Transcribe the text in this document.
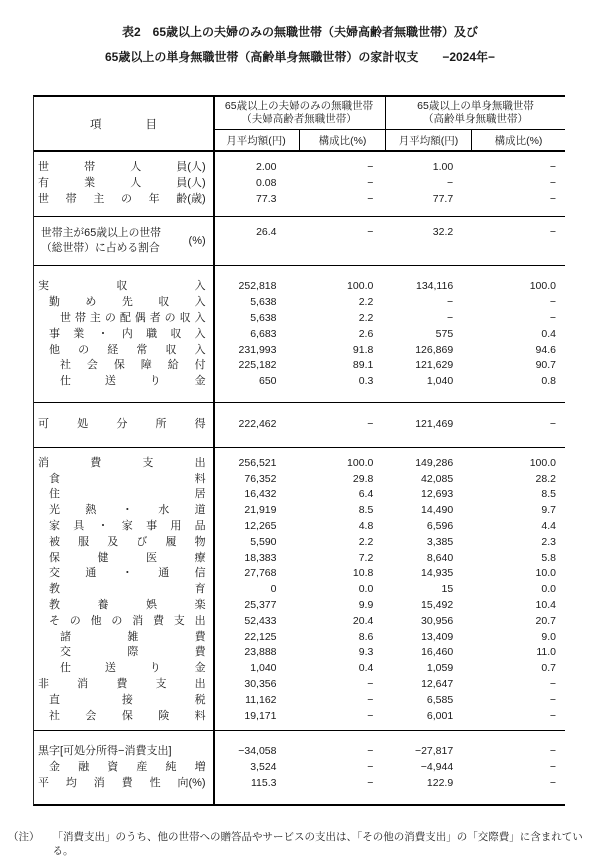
表2　65歳以上の夫婦のみの無職世帯（夫婦高齢者無職世帯）及び
65歳以上の単身無職世帯（高齢単身無職世帯）の家計収支　　−2024年−
項	目
65歳以上の夫婦のみの無職世帯
（夫婦高齢者無職世帯）
65歳以上の単身無職世帯
（高齢単身無職世帯）
月平均額(円)	構成比(%)	月平均額(円)	構成比(%)
世	帯	人	員(人)	2.00	−	1.00	−
有	業	人	員(人)	0.08	−	−	−
世 帯 主 の 年 齢(歳)	77.3	−	77.7	−
世帯主が65歳以上の世帯
（総世帯）に占める割合
(%)
26.4	−	32.2	−
実	収	入	252,818	100.0	134,116	100.0
勤 め 先 収 入	5,638	2.2	−	−
世 帯 主 の 配 偶 者 の 収 入	5,638	2.2	−	−
事 業 ・ 内 職 収 入	6,683	2.6	575	0.4
他 の 経 常 収 入	231,993	91.8	126,869	94.6
社 会 保 障 給 付	225,182	89.1	121,629	90.7
仕	送	り	金	650	0.3	1,040	0.8
可	処	分	所	得	222,462	−	121,469	−
消	費	支	出	256,521	100.0	149,286	100.0
食	料	76,352	29.8	42,085	28.2
住	居	16,432	6.4	12,693	8.5
光 熱 ・ 水 道	21,919	8.5	14,490	9.7
家 具 ・ 家 事 用 品	12,265	4.8	6,596	4.4
被 服 及 び 履 物	5,590	2.2	3,385	2.3
保	健	医	療	18,383	7.2	8,640	5.8
交 通 ・ 通 信	27,768	10.8	14,935	10.0
教	育	0	0.0	15	0.0
教	養	娯	楽	25,377	9.9	15,492	10.4
そ の 他 の 消 費 支 出	52,433	20.4	30,956	20.7
諸	雑	費	22,125	8.6	13,409	9.0
交	際	費	23,888	9.3	16,460	11.0
仕	送	り	金	1,040	0.4	1,059	0.7
非	消	費	支	出	30,356	−	12,647	−
直	接	税	11,162	−	6,585	−
社 会 保 険 料	19,171	−	6,001	−
黒字[可処分所得−消費支出]	−34,058	−	−27,817	−
金 融 資 産 純 増	3,524	−	−4,944	−
平 均 消 費 性 向(%)	115.3	−	122.9	−
（注） 「消費支出」のうち、他の世帯への贈答品やサービスの支出は、「その他の消費支出」の「交際費」に含まれている。
